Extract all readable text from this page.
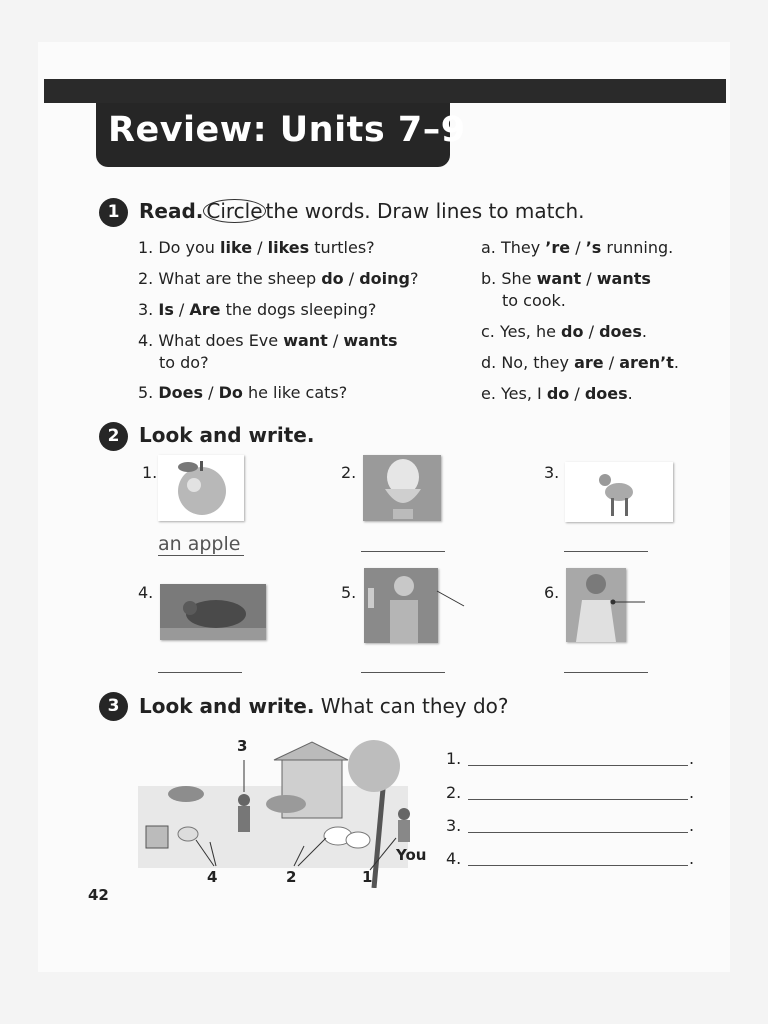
Review: Units 7–9
1 Read. Circle the words. Draw lines to match.
1. Do you like / likes turtles?
2. What are the sheep do / doing?
3. Is / Are the dogs sleeping?
4. What does Eve want / wants
to do?
5. Does / Do he like cats?
a. They ’re / ’s running.
b. She want / wants
to cook.
c. Yes, he do / does.
d. No, they are / aren’t.
e. Yes, I do / does.
2 Look and write.
1.
an apple
2.	3.
4.	5.	6.
3 Look and write. What can they do?
3
4	2	1
You
1.	.
2.	.
3.	.
4.	.
42
